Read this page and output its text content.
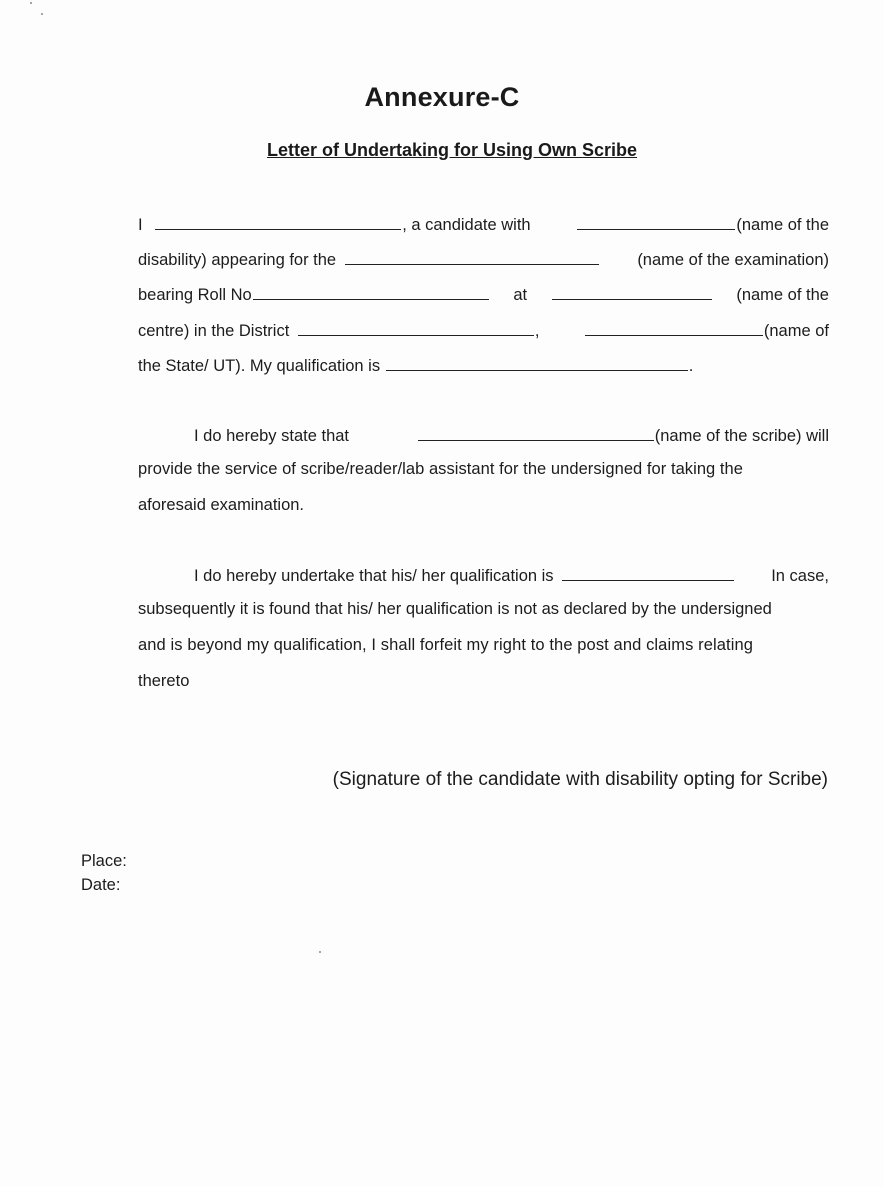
Annexure-C
Letter of Undertaking for Using Own Scribe
I	, a candidate with	(name of the
disability) appearing for the	(name of the examination)
bearing Roll No	at	(name of the
centre) in the District	,	(name of
the State/ UT). My qualification is	.
I do hereby state that	(name of the scribe) will
provide the service of scribe/reader/lab assistant for the undersigned for taking the
aforesaid examination.
I do hereby undertake that his/ her qualification is	In case,
subsequently it is found that his/ her qualification is not as declared by the undersigned
and is beyond my qualification, I shall forfeit my right to the post and claims relating
thereto
(Signature of the candidate with disability opting for Scribe)
Place:
Date:
